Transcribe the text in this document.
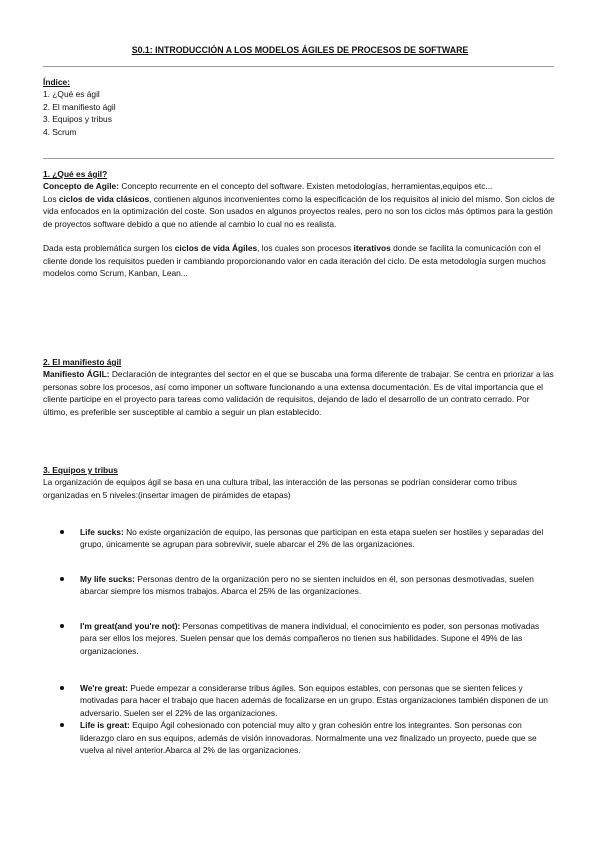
S0.1: INTRODUCCIÓN A LOS MODELOS ÁGILES DE PROCESOS DE SOFTWARE
Índice:
1. ¿Qué es ágil
2. El manifiesto ágil
3. Equipos y tribus
4. Scrum
1. ¿Qué es ágil?

Concepto de Agile: Concepto recurrente en el concepto del software. Existen metodologías, herramientas,equipos etc...

Los ciclos de vida clásicos, contienen algunos inconvenientes como la especificación de los requisitos al inicio del mismo. Son ciclos de vida enfocados en la optimización del coste. Son usados en algunos proyectos reales, pero no son los ciclos más óptimos para la gestión de proyectos software debido a que no atiende al cambio lo cual no es realista.

Dada esta problemática surgen los ciclos de vida Ágiles, los cuales son procesos iterativos donde se facilita la comunicación con el cliente donde los requisitos pueden ir cambiando proporcionando valor en cada iteración del ciclo. De esta metodología surgen muchos modelos como Scrum, Kanban, Lean...

2. El manifiesto ágil

Manifiesto ÁGIL: Declaración de integrantes del sector en el que se buscaba una forma diferente de trabajar. Se centra en priorizar a las personas sobre los procesos, así como imponer un software funcionando a una extensa documentación. Es de vital importancia que el cliente participe en el proyecto para tareas como validación de requisitos, dejando de lado el desarrollo de un contrato cerrado. Por último, es preferible ser susceptible al cambio a seguir un plan establecido.

3. Equipos y tribus

La organización de equipos ágil se basa en una cultura tribal, las interacción de las personas se podrían considerar como tribus organizadas en 5 niveles:(insertar imagen de pirámides de etapas)

Life sucks: No existe organización de equipo, las personas que participan en esta etapa suelen ser hostiles y separadas del grupo, únicamente se agrupan para sobrevivir, suele abarcar el 2% de las organizaciones.
My life sucks: Personas dentro de la organización pero no se sienten incluidos en él, son personas desmotivadas, suelen abarcar siempre los mismos trabajos. Abarca el 25% de las organizaciones.
I'm great(and you're not): Personas competitivas de manera individual, el conocimiento es poder, son personas motivadas para ser ellos los mejores. Suelen pensar que los demás compañeros no tienen sus habilidades. Supone el 49% de las organizaciones.
We're great: Puede empezar a considerarse tribus ágiles. Son equipos estables, con personas que se sienten felices y motivadas para hacer el trabajo que hacen además de focalizarse en un grupo. Estas organizaciones también disponen de un adversario. Suelen ser el 22% de las organizaciones.
Life is great: Equipo Ágil cohesionado con potencial muy alto y gran cohesión entre los integrantes. Son personas con liderazgo claro en sus equipos, además de visión innovadoras. Normalmente una vez finalizado un proyecto, puede que se vuelva al nivel anterior.Abarca al 2% de las organizaciones.
